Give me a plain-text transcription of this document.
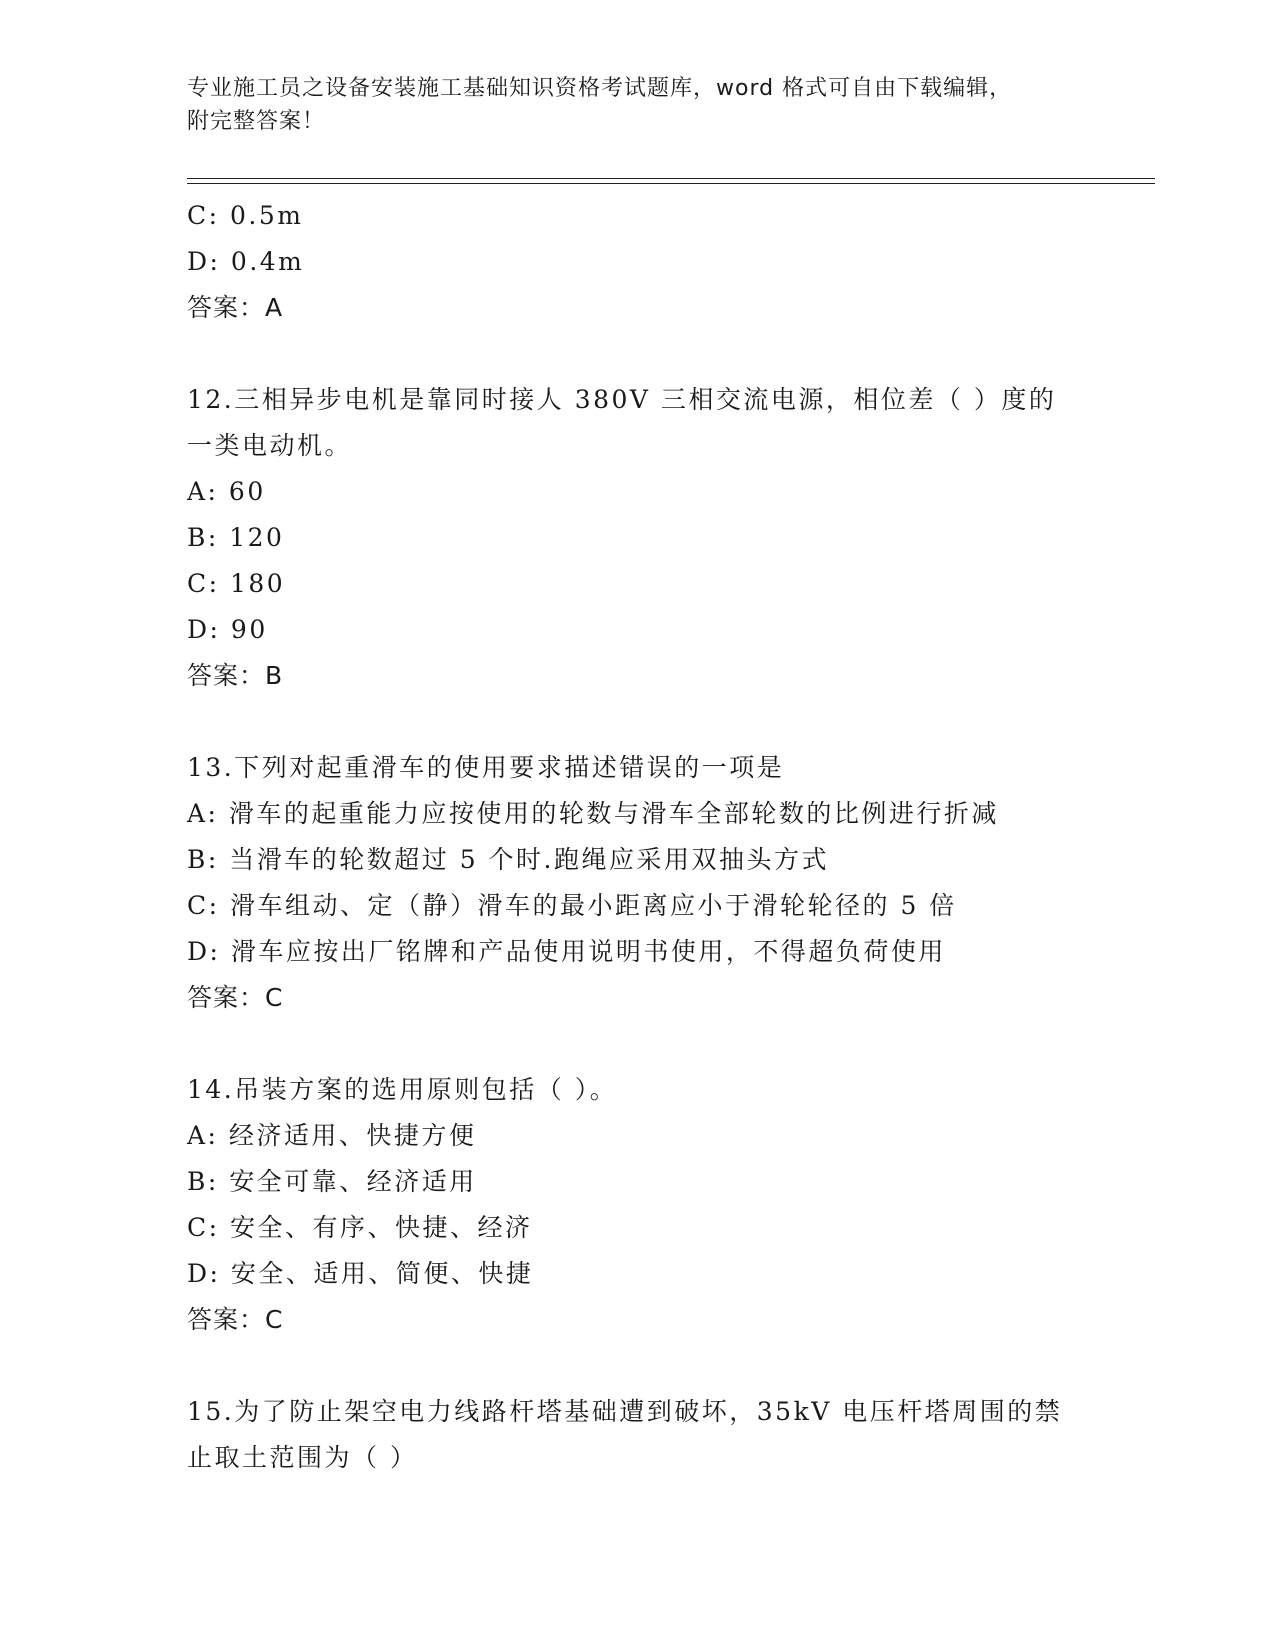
专业施工员之设备安装施工基础知识资格考试题库，word 格式可自由下载编辑，
附完整答案！
C: 0.5m
D: 0.4m
答案：A
12.三相异步电机是靠同时接人 380V 三相交流电源，相位差（ ）度的
一类电动机。
A: 60
B: 120
C: 180
D: 90
答案：B
13.下列对起重滑车的使用要求描述错误的一项是
A: 滑车的起重能力应按使用的轮数与滑车全部轮数的比例进行折减
B: 当滑车的轮数超过 5 个时.跑绳应采用双抽头方式
C: 滑车组动、定（静）滑车的最小距离应小于滑轮轮径的 5 倍
D: 滑车应按出厂铭牌和产品使用说明书使用，不得超负荷使用
答案：C
14.吊装方案的选用原则包括（ ）。
A: 经济适用、快捷方便
B: 安全可靠、经济适用
C: 安全、有序、快捷、经济
D: 安全、适用、简便、快捷
答案：C
15.为了防止架空电力线路杆塔基础遭到破坏，35kV 电压杆塔周围的禁
止取土范围为（ ）
